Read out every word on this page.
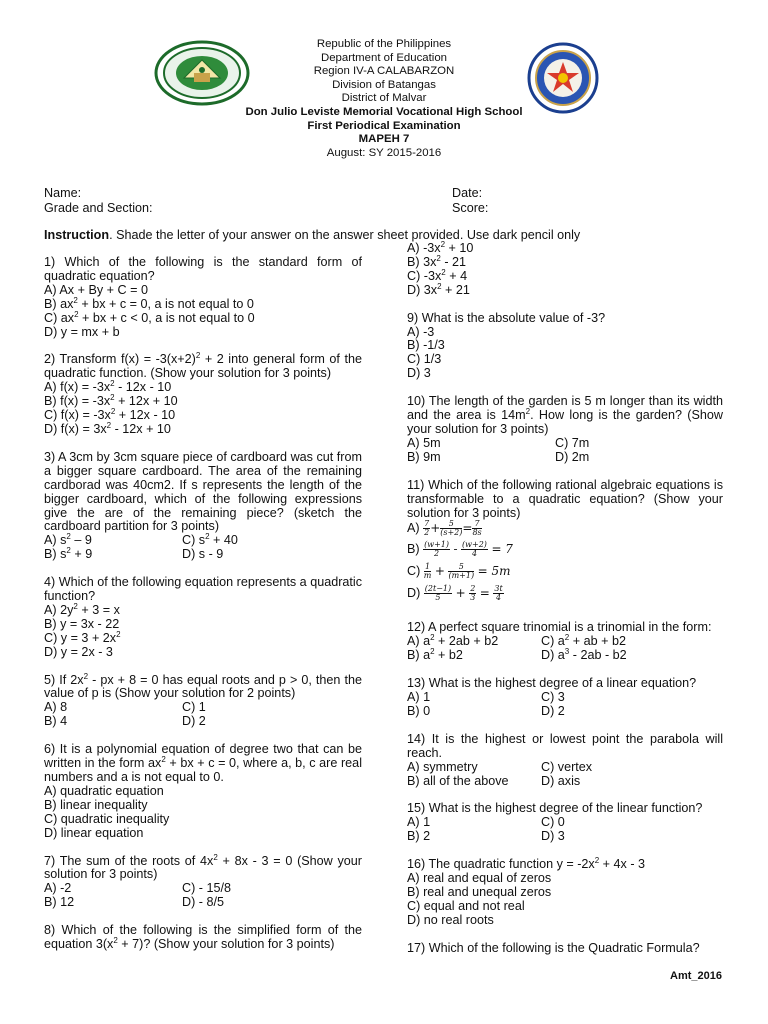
Republic of the Philippines
Department of Education
Region IV-A CALABARZON
Division of Batangas
District of Malvar
Don Julio Leviste Memorial Vocational High School
First Periodical Examination
MAPEH 7
August: SY 2015-2016
Name:
Grade and Section:
Date:
Score:
Instruction. Shade the letter of your answer on the answer sheet provided. Use dark pencil only
1) Which of the following is the standard form of quadratic equation?
A) Ax + By + C = 0
B) $ax^2$ + bx + c = 0, a is not equal to 0
C) $ax^2$ + bx + c < 0, a is not equal to 0
D) y = mx + b
2) Transform $f(x) = -3(x+2)^2 + 2$ into general form of the quadratic function. (Show your solution for 3 points)
A) $f(x) = -3x^2 - 12x - 10$
B) $f(x) = -3x^2 + 12x + 10$
C) $f(x) = -3x^2 + 12x - 10$
D) $f(x) = 3x^2 - 12x + 10$
3) A 3cm by 3cm square piece of cardboard was cut from a bigger square cardboard. The area of the remaining cardborad was 40cm2. If s represents the length of the bigger cardboard, which of the following expressions give the are of the remaining piece? (sketch the cardboard partition for 3 points)
A) $s^2 - 9$	C) $s^2 + 40$
B) $s^2 + 9$	D) s - 9
4) Which of the following equation represents a quadratic function?
A) $2y^2 + 3 = x$
B) y = 3x - 22
C) $y = 3 + 2x^2$
D) y = 2x - 3
5) If $2x^2$ - px + 8 = 0 has equal roots and p > 0, then the value of p is (Show your solution for 2 points)
A) 8	C) 1
B) 4	D) 2
6) It is a polynomial equation of degree two that can be written in the form $ax^2$ + bx + c = 0, where a, b, c are real numbers and a is not equal to 0.
A) quadratic equation
B) linear inequality
C) quadratic inequality
D) linear equation
7) The sum of the roots of $4x^2 + 8x - 3 = 0$ (Show your solution for 3 points)
A) -2	C) - 15/8
B) 12	D) - 8/5
8) Which of the following is the simplified form of the equation $3(x^2 + 7)$? (Show your solution for 3 points)
A) $-3x^2 + 10$
B) $3x^2 - 21$
C) $-3x^2 + 4$
D) $3x^2 + 21$
9) What is the absolute value of -3?
A) -3
B) -1/3
C) 1/3
D) 3
10) The length of the garden is 5 m longer than its width and the area is $14m^2$. How long is the garden? (Show your solution for 3 points)
A) 5m	C) 7m
B) 9m	D) 2m
11) Which of the following rational algebraic equations is transformable to a quadratic equation? (Show your solution for 3 points)
$A) \frac{7}{2} + \frac{5}{(s+2)} = \frac{7}{8s}$
$B) \frac{(w+1)}{2} - \frac{(w+2)}{4} = 7$
$C) \frac{1}{m} + \frac{5}{(m+1)} = 5m$
$D) \frac{(2t-1)}{5} + \frac{2}{3} = \frac{3t}{4}$
12) A perfect square trinomial is a trinomial in the form:
A) $a^2 + 2ab + b2$	C) $a^2$ + ab + b2
B) $a^2 + b2$	D) $a^3 - 2ab - b2$
13) What is the highest degree of a linear equation?
A) 1	C) 3
B) 0	D) 2
14) It is the highest or lowest point the parabola will reach.
A) symmetry	C) vertex
B) all of the above	D) axis
15) What is the highest degree of the linear function?
A) 1	C) 0
B) 2	D) 3
16) The quadratic function $y = -2x^2 + 4x - 3$
A) real and equal of zeros
B) real and unequal zeros
C) equal and not real
D) no real roots
17) Which of the following is the Quadratic Formula?
Amt_2016
